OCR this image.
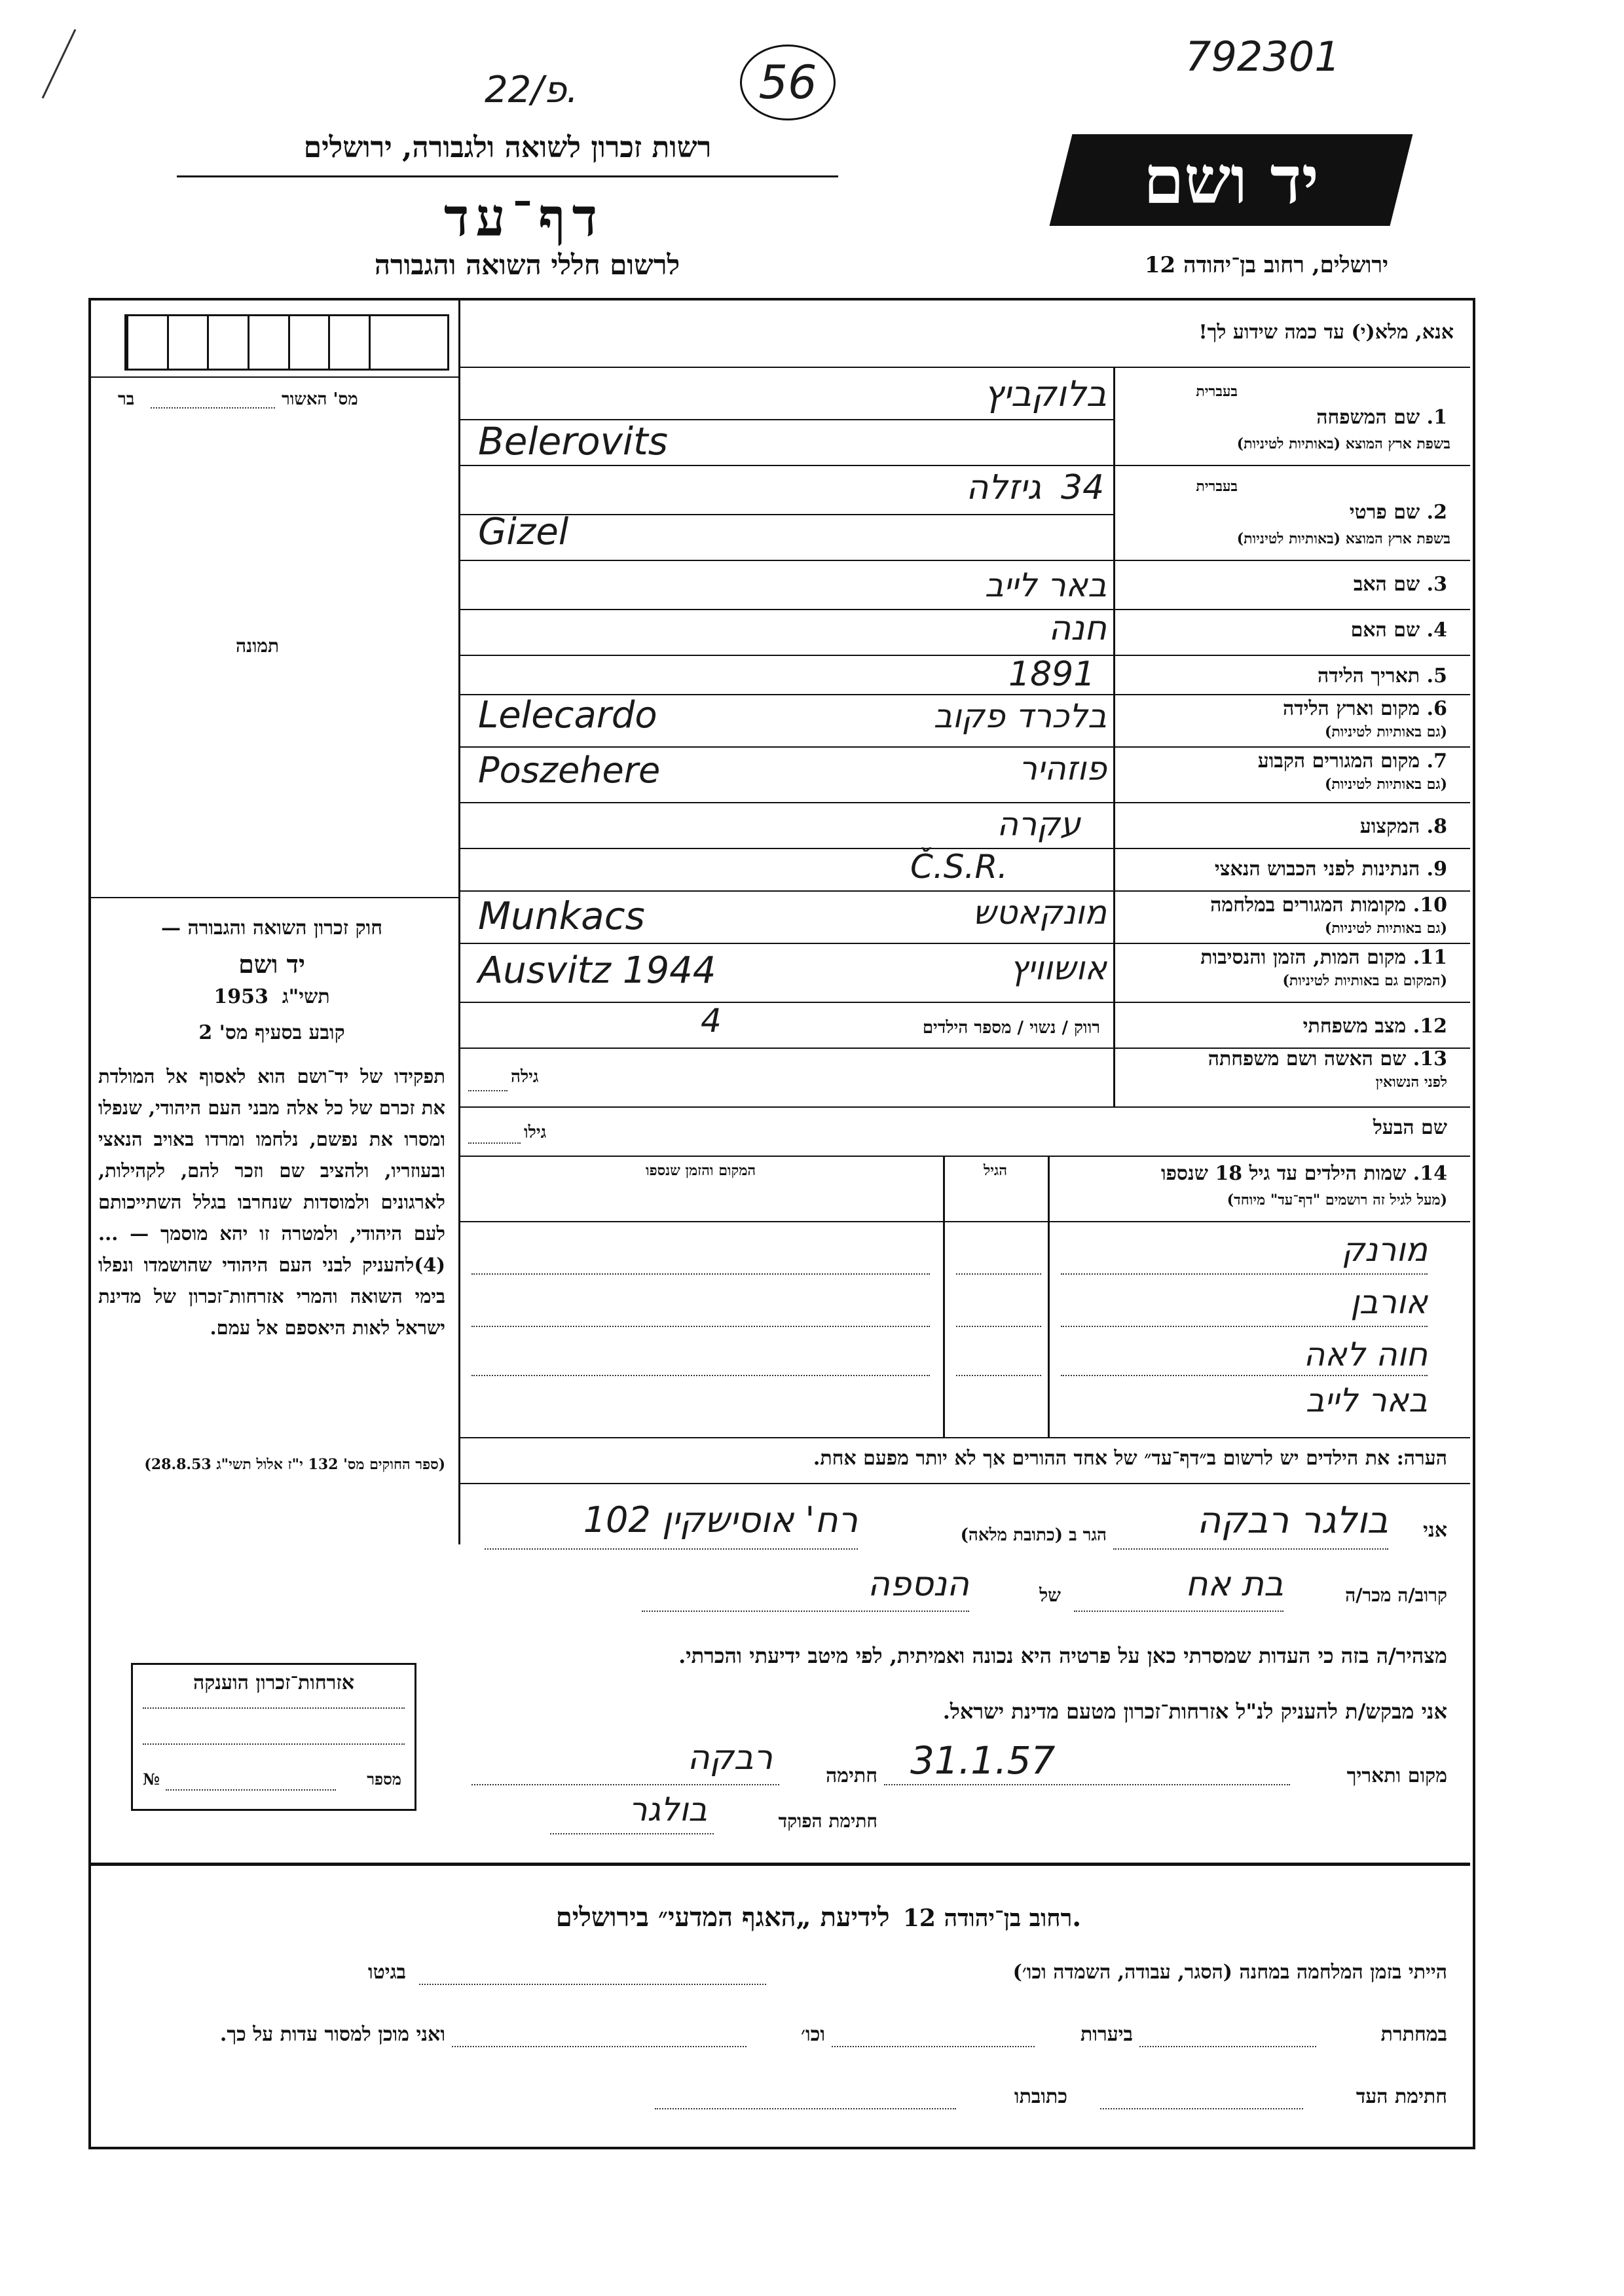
792301
22/פ.	56
רשות זכרון לשואה ולגבורה, ירושלים
דף־עד
לרשום חללי השואה והגבורה
יד ושם
ירושלים, רחוב בן־יהודה 12
מס' האשור
בר
תמונה
חוק זכרון השואה והגבורה —
יד ושם
תשי"ג  1953
קובע בסעיף מס' 2
תפקידו של יד־ושם הוא לאסוף אל המולדת את זכרם של כל אלה מבני העם היהודי, שנפלו ומסרו את נפשם, נלחמו ומרדו באויב הנאצי ובעוזריו, ולהציב שם וזכר להם, לקהילות, לארגונים ולמוסדות שנחרבו בגלל השתייכותם לעם היהודי, ולמטרה זו יהא מוסמך — ...(4)להעניק לבני העם היהודי שהושמדו ונפלו בימי השואה והמרי אזרחות־זכרון של מדינת ישראל לאות היאספם אל עמם.
(ספר החוקים מס' 132 י"ז אלול תשי"ג 28.8.53)
אנא, מלא(י) עד כמה שידוע לך!
בעברית
1. שם המשפחה
בשפת ארץ המוצא (באותיות לטיניות)
בלוקביץ
Belerovits
בעברית
2. שם פרטי
בשפת ארץ המוצא (באותיות לטיניות)
34
גיזלה
Gizel
3. שם האב
באר לייב
4. שם האם
חנה
5. תאריך הלידה
1891
6. מקום וארץ הלידה
(גם באותיות לטיניות)
בלכרד פקוב
Lelecardo
7. מקום המגורים הקבוע
(גם באותיות לטיניות)
פוזהיר
Poszehere
8. המקצוע
עקרה
9. הנתינות לפני הכבוש הנאצי
Č.S.R.
10. מקומות המגורים במלחמה
(גם באותיות לטיניות)
מונקאטש
Munkacs
11. מקום המות, הזמן והנסיבות
(המקום גם באותיות לטיניות)
אושוויץ
Ausvitz 1944
12. מצב משפחתי
רווק / נשוי / מספר הילדים
4
13. שם האשה ושם משפחתה
לפני הנשואין
גילה
שם הבעל
גילו
14. שמות הילדים עד גיל 18 שנספו
(מעל לגיל זה רושמים "דף־עד" מיוחד)
הגיל
המקום והזמן שנספו
מורנק
אורבן
חוה לאה
באר לייב
הערה: את הילדים יש לרשום ב״דף־עד״ של אחד ההורים אך לא יותר מפעם אחת.
אני
בולגר רבקה
הגר ב (כתובת מלאה)
רח' אוסישקין 102
קרוב/ה מכר/ה
בת אח
של
הנספה
מצהיר/ה בזה כי העדות שמסרתי כאן על פרטיה היא נכונה ואמיתית, לפי מיטב ידיעתי והכרתי.
אני מבקש/ת להעניק לנ"ל אזרחות־זכרון מטעם מדינת ישראל.
מקום ותאריך
31.1.57
חתימה
רבקה
חתימת הפוקד
בולגר
אזרחות־זכרון הוענקה
מספר
№
רחוב בן־יהודה 12    לידיעת „האגף המדעי״ בירושלים.
הייתי בזמן המלחמה במחנה (הסגר, עבודה, השמדה וכו׳)
בגיטו
במחתרת
ביערות
וכו׳
ואני מוכן למסור עדות על כך.
חתימת העד
כתובתו
